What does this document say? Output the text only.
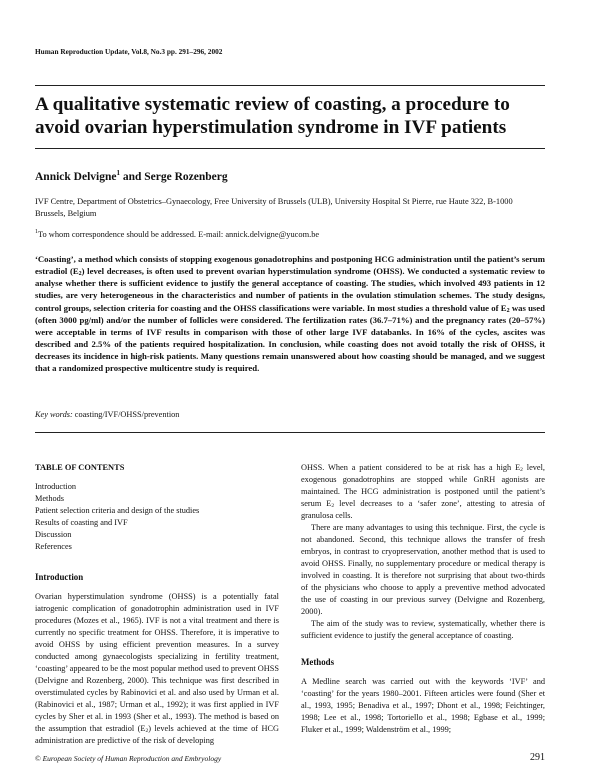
Human Reproduction Update, Vol.8, No.3 pp. 291–296, 2002
A qualitative systematic review of coasting, a procedure to avoid ovarian hyperstimulation syndrome in IVF patients
Annick Delvigne$^1$ and Serge Rozenberg
IVF Centre, Department of Obstetrics–Gynaecology, Free University of Brussels (ULB), University Hospital St Pierre, rue Haute 322, B-1000 Brussels, Belgium
$^1$To whom correspondence should be addressed. E-mail: annick.delvigne@yucom.be
‘Coasting’, a method which consists of stopping exogenous gonadotrophins and postponing HCG administration until the patient’s serum estradiol $(E_2)$ level decreases, is often used to prevent ovarian hyperstimulation syndrome (OHSS). We conducted a systematic review to analyse whether there is sufficient evidence to justify the general acceptance of coasting. The studies, which involved 493 patients in 12 studies, are very heterogeneous in the characteristics and number of patients in the ovulation stimulation schemes. The study designs, control groups, selection criteria for coasting and the OHSS classifications were variable. In most studies a threshold value of $E_2$ was used (often 3000 pg/ml) and/or the number of follicles were considered. The fertilization rates (36.7–71%) and the pregnancy rates (20–57%) were acceptable in terms of IVF results in comparison with those of other large IVF databanks. In 16% of the cycles, ascites was described and 2.5% of the patients required hospitalization. In conclusion, while coasting does not avoid totally the risk of OHSS, it decreases its incidence in high-risk patients. Many questions remain unanswered about how coasting should be managed, and we suggest that a randomized prospective multicentre study is required.
Key words: coasting/IVF/OHSS/prevention
TABLE OF CONTENTS
Introduction
Methods
Patient selection criteria and design of the studies
Results of coasting and IVF
Discussion
References
Introduction

Ovarian hyperstimulation syndrome (OHSS) is a potentially fatal iatrogenic complication of gonadotrophin administration used in IVF procedures (Mozes et al., 1965). IVF is not a vital treatment and there is currently no specific treatment for OHSS. Therefore, it is imperative to avoid OHSS by using efficient prevention measures. In a survey conducted among gynaecologists specializing in fertility treatment, ‘coasting’ appeared to be the most popular method used to prevent OHSS (Delvigne and Rozenberg, 2000). This technique was first described in overstimulated cycles by Rabinovici et al. and also used by Urman et al. (Rabinovici et al., 1987; Urman et al., 1992); it was first applied in IVF cycles by Sher et al. in 1993 (Sher et al., 1993). The method is based on the assumption that estradiol $(E_2)$ levels achieved at the time of HCG administration are predictive of the risk of developing

OHSS. When a patient considered to be at risk has a high $E_2$ level, exogenous gonadotrophins are stopped while GnRH agonists are maintained. The HCG administration is postponed until the patient’s serum $E_2$ level decreases to a ‘safer zone’, attesting to atresia of granulosa cells.

There are many advantages to using this technique. First, the cycle is not abandoned. Second, this technique allows the transfer of fresh embryos, in contrast to cryopreservation, another method that is used to avoid OHSS. Finally, no supplementary procedure or medical therapy is involved in coasting. It is therefore not surprising that about two-thirds of the physicians who choose to apply a preventive method advocated the use of coasting in our previous survey (Delvigne and Rozenberg, 2000).

The aim of the study was to review, systematically, whether there is sufficient evidence to justify the general acceptance of coasting.

Methods

A Medline search was carried out with the keywords ‘IVF’ and ‘coasting’ for the years 1980–2001. Fifteen articles were found (Sher et al., 1993, 1995; Benadiva et al., 1997; Dhont et al., 1998; Feichtinger, 1998; Lee et al., 1998; Tortoriello et al., 1998; Egbase et al., 1999; Fluker et al., 1999; Waldenström et al., 1999;

© European Society of Human Reproduction and Embryology	291
